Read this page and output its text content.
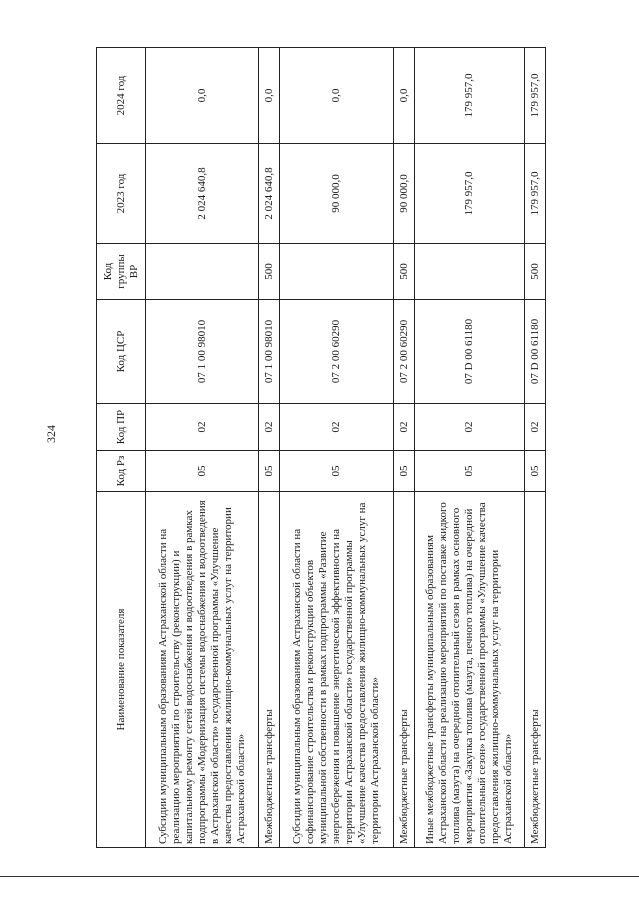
324
Наименование показателя	Код Рз	Код ПР	Код ЦСР	Код группы ВР	2023 год	2024 год
Субсидии муниципальным образованиям Астраханской области на реализацию мероприятий по строительству (реконструкции) и капитальному ремонту сетей водоснабжения и водоотведения в рамках подпрограммы «Модернизация системы водоснабжения и водоотведения в Астраханской области» государственной программы «Улучшение качества предоставления жилищно-коммунальных услуг на территории Астраханской области»	05	02	07 1 00 98010		2 024 640,8	0,0
Межбюджетные трансферты	05	02	07 1 00 98010	500	2 024 640,8	0,0
Субсидии муниципальным образованиям Астраханской области на софинансирование строительства и реконструкции объектов муниципальной собственности в рамках подпрограммы «Развитие энергосбережения и повышение энергетической эффективности на территории Астраханской области» государственной программы «Улучшение качества предоставления жилищно-коммунальных услуг на территории Астраханской области»	05	02	07 2 00 60290		90 000,0	0,0
Межбюджетные трансферты	05	02	07 2 00 60290	500	90 000,0	0,0
Иные межбюджетные трансферты муниципальным образованиям Астраханской области на реализацию мероприятий по поставке жидкого топлива (мазута) на очередной отопительный сезон в рамках основного мероприятия «Закупка топлива (мазута, печного топлива) на очередной отопительный сезон» государственной программы «Улучшение качества предоставления жилищно-коммунальных услуг на территории Астраханской области»	05	02	07 D 00 61180		179 957,0	179 957,0
Межбюджетные трансферты	05	02	07 D 00 61180	500	179 957,0	179 957,0
